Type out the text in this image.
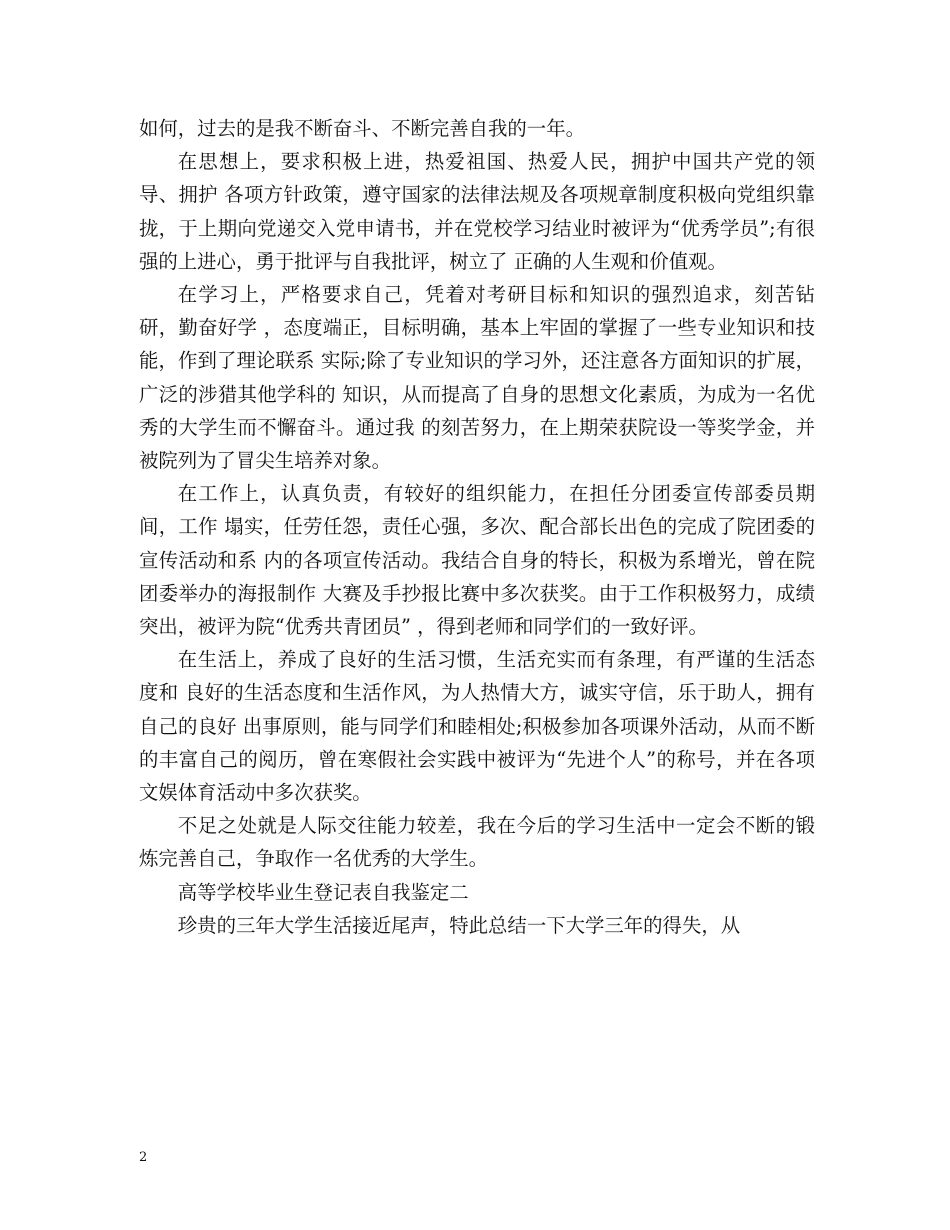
如何，过去的是我不断奋斗、不断完善自我的一年。

在思想上，要求积极上进，热爱祖国、热爱人民，拥护中国共产党的领导、拥护 各项方针政策，遵守国家的法律法规及各项规章制度积极向党组织靠拢，于上期向党递交入党申请书，并在党校学习结业时被评为“优秀学员”;有很强的上进心，勇于批评与自我批评，树立了 正确的人生观和价值观。

在学习上，严格要求自己，凭着对考研目标和知识的强烈追求，刻苦钻研，勤奋好学 ，态度端正，目标明确，基本上牢固的掌握了一些专业知识和技能，作到了理论联系 实际;除了专业知识的学习外，还注意各方面知识的扩展，广泛的涉猎其他学科的 知识，从而提高了自身的思想文化素质，为成为一名优秀的大学生而不懈奋斗。通过我 的刻苦努力，在上期荣获院设一等奖学金，并被院列为了冒尖生培养对象。

在工作上，认真负责，有较好的组织能力，在担任分团委宣传部委员期间，工作 塌实，任劳任怨，责任心强，多次、配合部长出色的完成了院团委的宣传活动和系 内的各项宣传活动。我结合自身的特长，积极为系增光，曾在院团委举办的海报制作 大赛及手抄报比赛中多次获奖。由于工作积极努力，成绩突出，被评为院“优秀共青团员” ，得到老师和同学们的一致好评。

在生活上，养成了良好的生活习惯，生活充实而有条理，有严谨的生活态度和 良好的生活态度和生活作风，为人热情大方，诚实守信，乐于助人，拥有自己的良好 出事原则，能与同学们和睦相处;积极参加各项课外活动，从而不断的丰富自己的阅历，曾在寒假社会实践中被评为“先进个人”的称号，并在各项文娱体育活动中多次获奖。

不足之处就是人际交往能力较差，我在今后的学习生活中一定会不断的锻炼完善自己，争取作一名优秀的大学生。

高等学校毕业生登记表自我鉴定二

珍贵的三年大学生活接近尾声，特此总结一下大学三年的得失，从

2
